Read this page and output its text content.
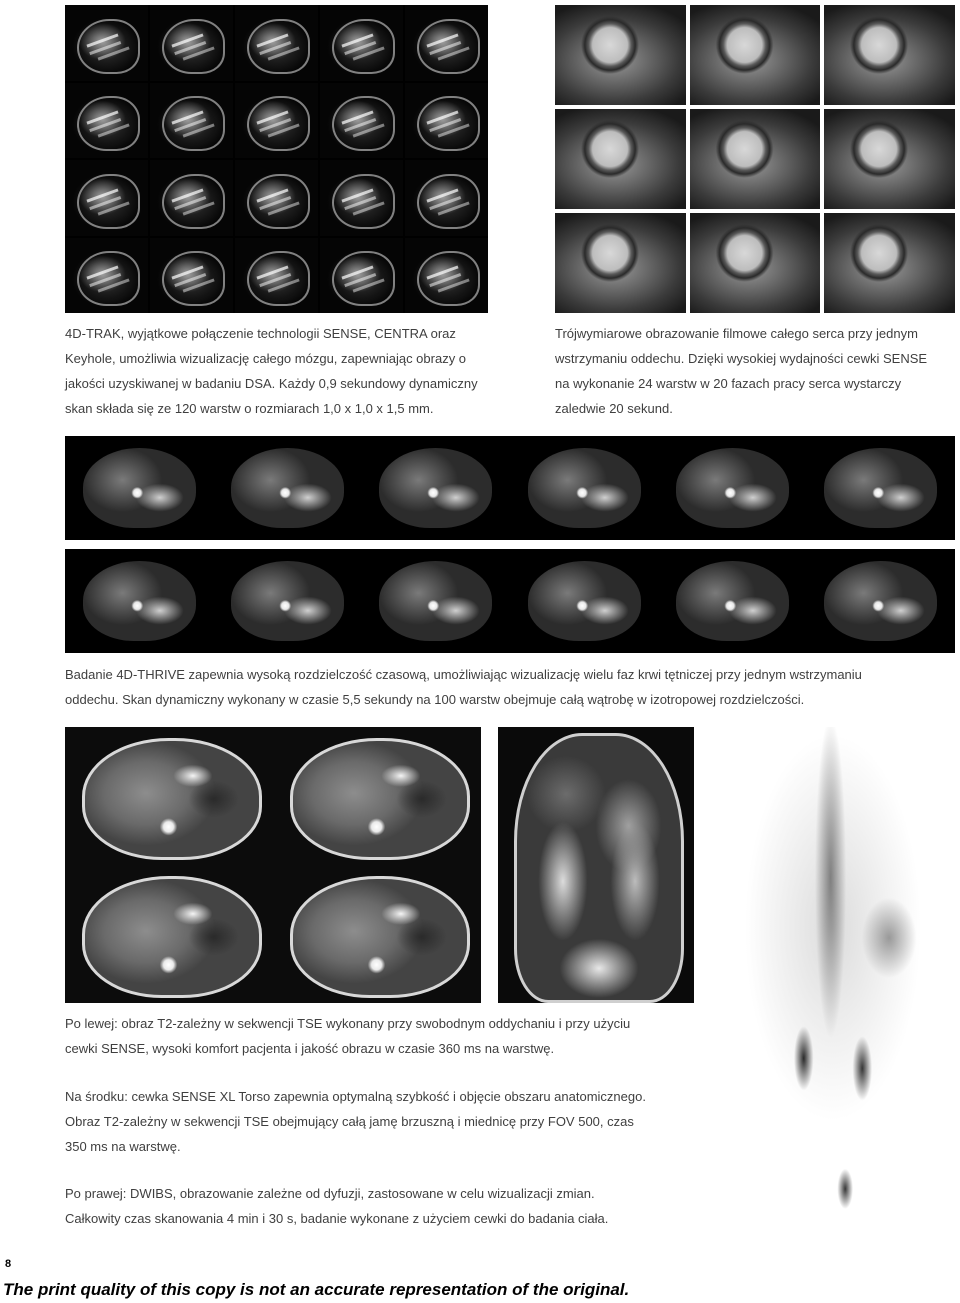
4D-TRAK, wyjątkowe połączenie technologii SENSE, CENTRA oraz

Keyhole, umożliwia wizualizację całego mózgu, zapewniając obrazy o

jakości uzyskiwanej w badaniu DSA. Każdy 0,9 sekundowy dynamiczny

skan składa się ze 120 warstw o rozmiarach 1,0 x 1,0 x 1,5 mm.

Trójwymiarowe obrazowanie filmowe całego serca przy jednym

wstrzymaniu oddechu. Dzięki wysokiej wydajności cewki SENSE

na wykonanie 24 warstw w 20 fazach pracy serca wystarczy

zaledwie 20 sekund.

Badanie 4D-THRIVE zapewnia wysoką rozdzielczość czasową, umożliwiając wizualizację wielu faz krwi tętniczej przy jednym wstrzymaniu

oddechu. Skan dynamiczny wykonany w czasie 5,5 sekundy na 100 warstw obejmuje całą wątrobę w izotropowej rozdzielczości.

Po lewej: obraz T2-zależny w sekwencji TSE wykonany przy swobodnym oddychaniu i przy użyciu

cewki SENSE, wysoki komfort pacjenta i jakość obrazu w czasie 360 ms na warstwę.

Na środku: cewka SENSE XL Torso zapewnia optymalną szybkość i objęcie obszaru anatomicznego.

Obraz T2-zależny w sekwencji TSE obejmujący całą jamę brzuszną i miednicę przy FOV 500, czas

350 ms na warstwę.

Po prawej: DWIBS, obrazowanie zależne od dyfuzji, zastosowane w celu wizualizacji zmian.

Całkowity czas skanowania 4 min i 30 s, badanie wykonane z użyciem cewki do badania ciała.

8
The print quality of this copy is not an accurate representation of the original.
